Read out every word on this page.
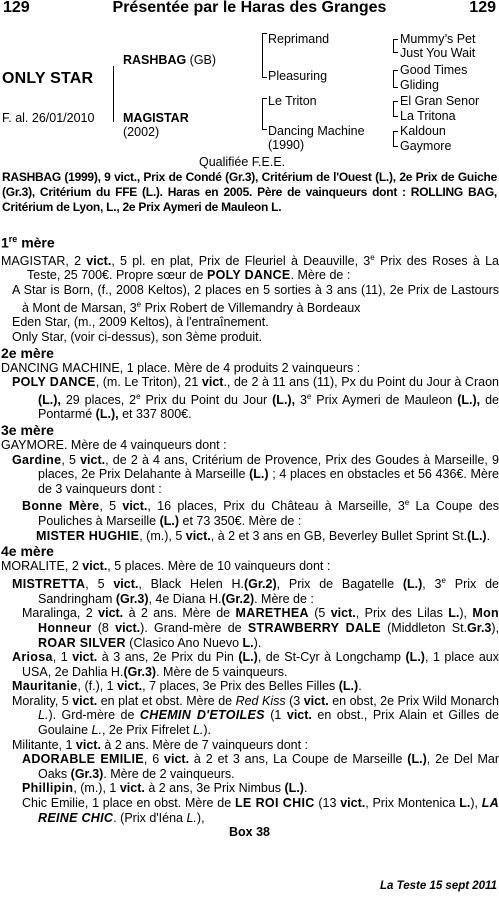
129	Présentée par le Haras des Granges	129
ONLY STAR
F. al. 26/01/2010
RASHBAG (GB)
MAGISTAR
(2002)
Reprimand
Pleasuring
Le Triton
Dancing Machine
(1990)
Mummy’s Pet
Just You Wait
Good Times
Gliding
El Gran Senor
La Tritona
Kaldoun
Gaymore
Qualifiée F.E.E.
RASHBAG (1999), 9 vict., Prix de Condé (Gr.3), Critérium de l'Ouest (L.), 2e Prix de Guiche (Gr.3), Critérium du FFE (L.). Haras en 2005. Père de vainqueurs dont : ROLLING BAG, Critérium de Lyon, L., 2e Prix Aymeri de Mauleon L.
1re mère
MAGISTAR, 2 vict., 5 pl. en plat, Prix de Fleuriel à Deauville, 3e Prix des Roses à La Teste, 25 700€. Propre sœur de POLY DANCE. Mère de :
A Star is Born, (f., 2008 Keltos), 2 places en 5 sorties à 3 ans (11), 2e Prix de Lastours à Mont de Marsan, 3e Prix Robert de Villemandry à Bordeaux
Eden Star, (m., 2009 Keltos), à l'entraînement.
Only Star, (voir ci-dessus), son 3ème produit.
2e mère
DANCING MACHINE, 1 place. Mère de 4 produits 2 vainqueurs :
POLY DANCE, (m. Le Triton), 21 vict., de 2 à 11 ans (11), Px du Point du Jour à Craon (L.), 29 places, 2e Prix du Point du Jour (L.), 3e Prix Aymeri de Mauleon (L.), de Pontarmé (L.), et 337 800€.
3e mère
GAYMORE. Mère de 4 vainqueurs dont :
Gardine, 5 vict., de 2 à 4 ans, Critérium de Provence, Prix des Goudes à Marseille, 9 places, 2e Prix Delahante à Marseille (L.) ; 4 places en obstacles et 56 436€. Mère de 3 vainqueurs dont :
Bonne Mère, 5 vict., 16 places, Prix du Château à Marseille, 3e La Coupe des Pouliches à Marseille (L.) et 73 350€. Mère de :
MISTER HUGHIE, (m.), 5 vict., à 2 et 3 ans en GB, Beverley Bullet Sprint St.(L.).
4e mère
MORALITE, 2 vict., 5 places. Mère de 10 vainqueurs dont :
MISTRETTA, 5 vict., Black Helen H.(Gr.2), Prix de Bagatelle (L.), 3e Prix de Sandringham (Gr.3), 4e Diana H.(Gr.2). Mère de :
Maralinga, 2 vict. à 2 ans. Mère de MARETHEA (5 vict., Prix des Lilas L.), Mon Honneur (8 vict.). Grand-mère de STRAWBERRY DALE (Middleton St.Gr.3), ROAR SILVER (Clasico Ano Nuevo L.).
Ariosa, 1 vict. à 3 ans, 2e Prix du Pin (L.), de St-Cyr à Longchamp (L.), 1 place aux USA, 2e Dahlia H.(Gr.3). Mère de 5 vainqueurs.
Mauritanie, (f.), 1 vict., 7 places, 3e Prix des Belles Filles (L.).
Morality, 5 vict. en plat et obst. Mère de Red Kiss (3 vict. en obst, 2e Prix Wild Monarch L.). Grd-mère de CHEMIN D'ETOILES (1 vict. en obst., Prix Alain et Gilles de Goulaine L., 2e Prix Fifrelet L.).
Militante, 1 vict. à 2 ans. Mère de 7 vainqueurs dont :
ADORABLE EMILIE, 6 vict. à 2 et 3 ans, La Coupe de Marseille (L.), 2e Del Mar Oaks (Gr.3). Mère de 2 vainqueurs.
Phillipin, (m.), 1 vict. à 2 ans, 3e Prix Nimbus (L.).
Chic Emilie, 1 place en obst. Mère de LE ROI CHIC (13 vict., Prix Montenica L.), LA REINE CHIC. (Prix d'Iéna L.),
Box 38
La Teste 15 sept 2011
